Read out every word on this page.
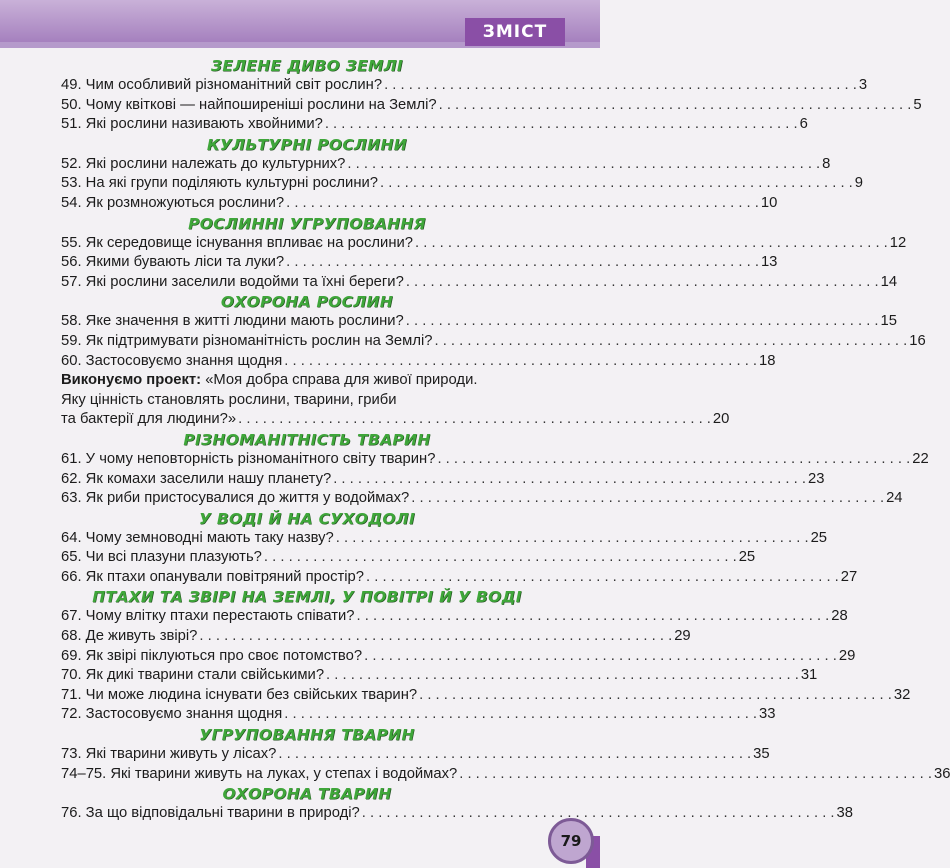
ЗМІСТ
ЗЕЛЕНЕ ДИВО ЗЕМЛІ
49. Чим особливий різноманітний світ рослин? . . .	3
50. Чому квіткові — найпоширеніші рослини на Землі? . . .	5
51. Які рослини називають хвойними? . . .	6
КУЛЬТУРНІ РОСЛИНИ
52. Які рослини належать до культурних? . . .	8
53. На які групи поділяють культурні рослини? . . .	9
54. Як розмножуються рослини? . . .	10
РОСЛИННІ УГРУПОВАННЯ
55. Як середовище існування впливає на рослини? . . .	12
56. Якими бувають ліси та луки? . . .	13
57. Які рослини заселили водойми та їхні береги? . . .	14
ОХОРОНА РОСЛИН
58. Яке значення в житті людини мають рослини? . . .	15
59. Як підтримувати різноманітність рослин на Землі? . . .	16
60. Застосовуємо знання щодня . . .	18
Виконуємо проект: «Моя добра справа для живої природи.
Яку цінність становлять рослини, тварини, гриби
та бактерії для людини?» . . .	20
РІЗНОМАНІТНІСТЬ ТВАРИН
61. У чому неповторність різноманітного світу тварин? . . .	22
62. Як комахи заселили нашу планету? . . .	23
63. Як риби пристосувалися до життя у водоймах? . . .	24
У ВОДІ Й НА СУХОДОЛІ
64. Чому земноводні мають таку назву? . . .	25
65. Чи всі плазуни плазують? . . .	25
66. Як птахи опанували повітряний простір? . . .	27
ПТАХИ ТА ЗВІРІ НА ЗЕМЛІ, У ПОВІТРІ Й У ВОДІ
67. Чому влітку птахи перестають співати? . . .	28
68. Де живуть звірі? . . .	29
69. Як звірі піклуються про своє потомство? . . .	29
70. Як дикі тварини стали свійськими? . . .	31
71. Чи може людина існувати без свійських тварин? . . .	32
72. Застосовуємо знання щодня . . .	33
УГРУПОВАННЯ ТВАРИН
73. Які тварини живуть у лісах? . . .	35
74–75. Які тварини живуть на луках, у степах і водоймах? . . .	36
ОХОРОНА ТВАРИН
76. За що відповідальні тварини в природі? . . .	38
79
